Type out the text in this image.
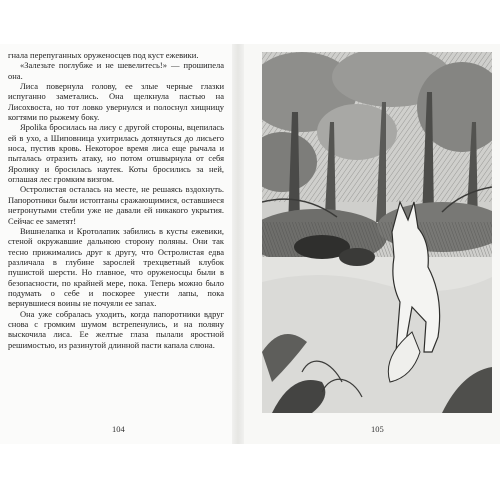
гнала перепуганных оруженосцев под куст ежевики.

«Залезьте поглубже и не шевелитесь!» — прошипела она.

Лиса повернула голову, ее злые черные глазки испуганно заметались. Она щелкнула пастью на Лисохвоста, но тот ловко увернулся и полоснул хищницу когтями по рыжему боку.

Ярolika бросилась на лису с другой стороны, вцепилась ей в ухо, а Шиповница ухитрилась дотянуться до лисьего носа, пустив кровь. Некоторое время лиса еще рычала и пыталась отразить атаку, но потом отшвырнула от себя Яролику и бросилась наутек. Коты бросились за ней, оглашая лес громким визгом.

Остролистая осталась на месте, не решаясь вздохнуть. Папоротники были истоптаны сражающимися, оставшиеся нетронутыми стебли уже не давали ей никакого укрытия. Сейчас ее заметят!

Вишнелапка и Кротолапик забились в кусты ежевики, стеной окружавшие дальнюю сторону поляны. Они так тесно прижимались друг к другу, что Остролистая едва различала в глубине зарослей трехцветный клубок пушистой шерсти. Но главное, что оруженосцы были в безопасности, по крайней мере, пока. Теперь можно было подумать о себе и поскорее унести лапы, пока вернувшиеся воины не почуяли ее запах.

Она уже собралась уходить, когда папоротники вдруг снова с громким шумом встрепенулись, и на поляну выскочила лиса. Ее желтые глаза пылали яростной решимостью, из разинутой длинной пасти капала слюна.

104	105
